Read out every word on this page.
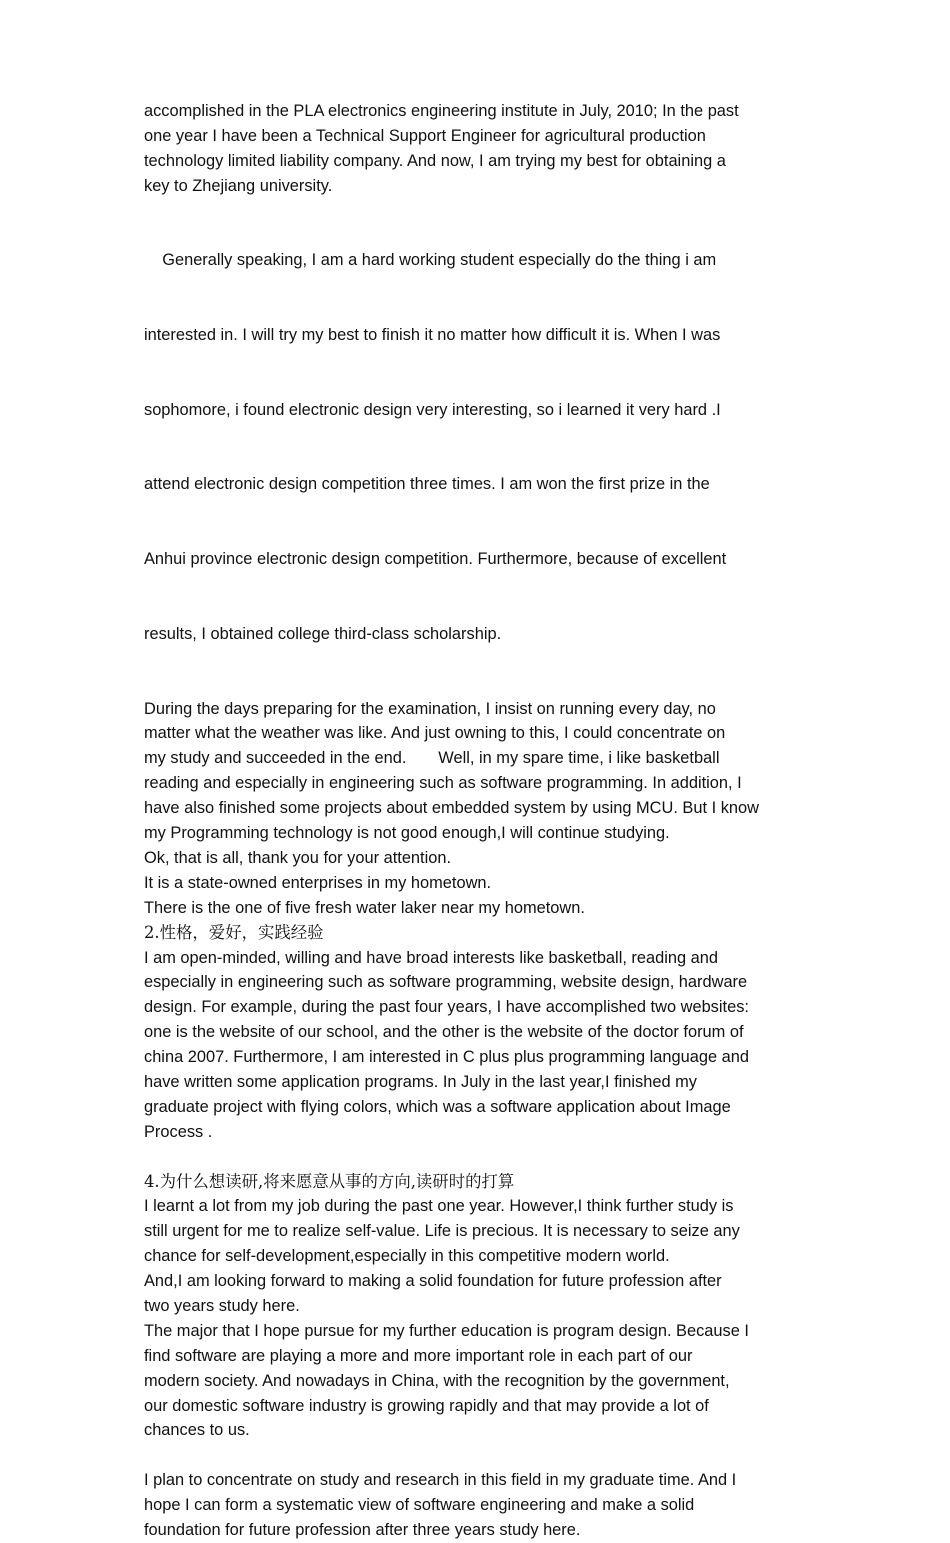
accomplished in the PLA electronics engineering institute in July, 2010; In the past
one year I have been a Technical Support Engineer for agricultural production
technology limited liability company. And now, I am trying my best for obtaining a
key to Zhejiang university.

Generally speaking, I am a hard working student especially do the thing i am

interested in. I will try my best to finish it no matter how difficult it is. When I was

sophomore, i found electronic design very interesting, so i learned it very hard .I

attend electronic design competition three times. I am won the first prize in the

Anhui province electronic design competition. Furthermore, because of excellent

results, I obtained college third-class scholarship.

During the days preparing for the examination, I insist on running every day, no
matter what the weather was like. And just owning to this, I could concentrate on
my study and succeeded in the end.       Well, in my spare time, i like basketball
reading and especially in engineering such as software programming. In addition, I
have also finished some projects about embedded system by using MCU. But I know
my Programming technology is not good enough,I will continue studying.
Ok, that is all, thank you for your attention.
It is a state-owned enterprises in my hometown.
There is the one of five fresh water laker near my hometown.
2.性格，爱好，实践经验
I am open-minded, willing and have broad interests like basketball, reading and
especially in engineering such as software programming, website design, hardware
design. For example, during the past four years, I have accomplished two websites:
one is the website of our school, and the other is the website of the doctor forum of
china 2007. Furthermore, I am interested in C plus plus programming language and
have written some application programs. In July in the last year,I finished my
graduate project with flying colors, which was a software application about Image
Process .
4.为什么想读研,将来愿意从事的方向,读研时的打算
I learnt a lot from my job during the past one year. However,I think further study is
still urgent for me to realize self-value. Life is precious. It is necessary to seize any
chance for self-development,especially in this competitive modern world.
And,I am looking forward to making a solid foundation for future profession after
two years study here.
The major that I hope pursue for my further education is program design. Because I
find software are playing a more and more important role in each part of our
modern society. And nowadays in China, with the recognition by the government,
our domestic software industry is growing rapidly and that may provide a lot of
chances to us.
I plan to concentrate on study and research in this field in my graduate time. And I
hope I can form a systematic view of software engineering and make a solid
foundation for future profession after three years study here.
